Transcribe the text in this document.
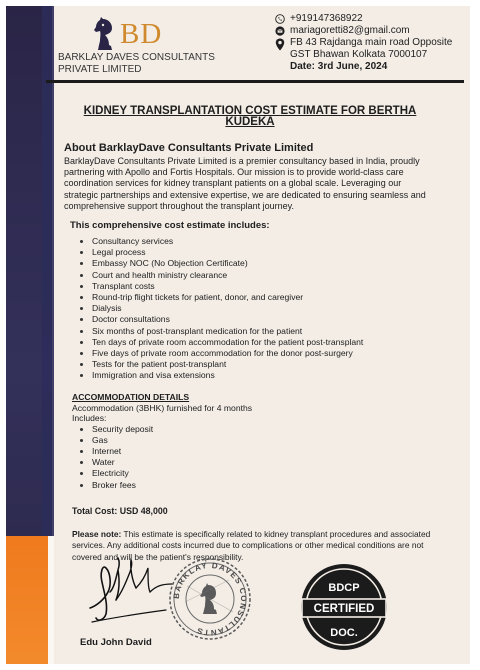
BD
BARKLAY DAVES CONSULTANTS
PRIVATE LIMITED
+919147368922
mariagoretti82@gmail.com
FB 43 Rajdanga main road Opposite
GST Bhawan Kolkata 7000107
Date: 3rd June, 2024

KIDNEY TRANSPLANTATION COST ESTIMATE FOR BERTHA KUDEKA

About BarklayDave Consultants Private Limited

BarklayDave Consultants Private Limited is a premier consultancy based in India, proudly partnering with Apollo and Fortis Hospitals. Our mission is to provide world-class care coordination services for kidney transplant patients on a global scale. Leveraging our strategic partnerships and extensive expertise, we are dedicated to ensuring seamless and comprehensive support throughout the transplant journey.

This comprehensive cost estimate includes:

Consultancy services
Legal process
Embassy NOC (No Objection Certificate)
Court and health ministry clearance
Transplant costs
Round-trip flight tickets for patient, donor, and caregiver
Dialysis
Doctor consultations
Six months of post-transplant medication for the patient
Ten days of private room accommodation for the patient post-transplant
Five days of private room accommodation for the donor post-surgery
Tests for the patient post-transplant
Immigration and visa extensions

ACCOMMODATION DETAILS

Accommodation (3BHK) furnished for 4 months

Includes:

Security deposit
Gas
Internet
Water
Electricity
Broker fees

Total Cost: USD 48,000

Please note: This estimate is specifically related to kidney transplant procedures and associated services. Any additional costs incurred due to complications or other medical conditions are not covered and will be the patient's responsibility.

Edu John David
BARKLAY DAVES CONSULTANTS
BDCP
CERTIFIED
DOC.
